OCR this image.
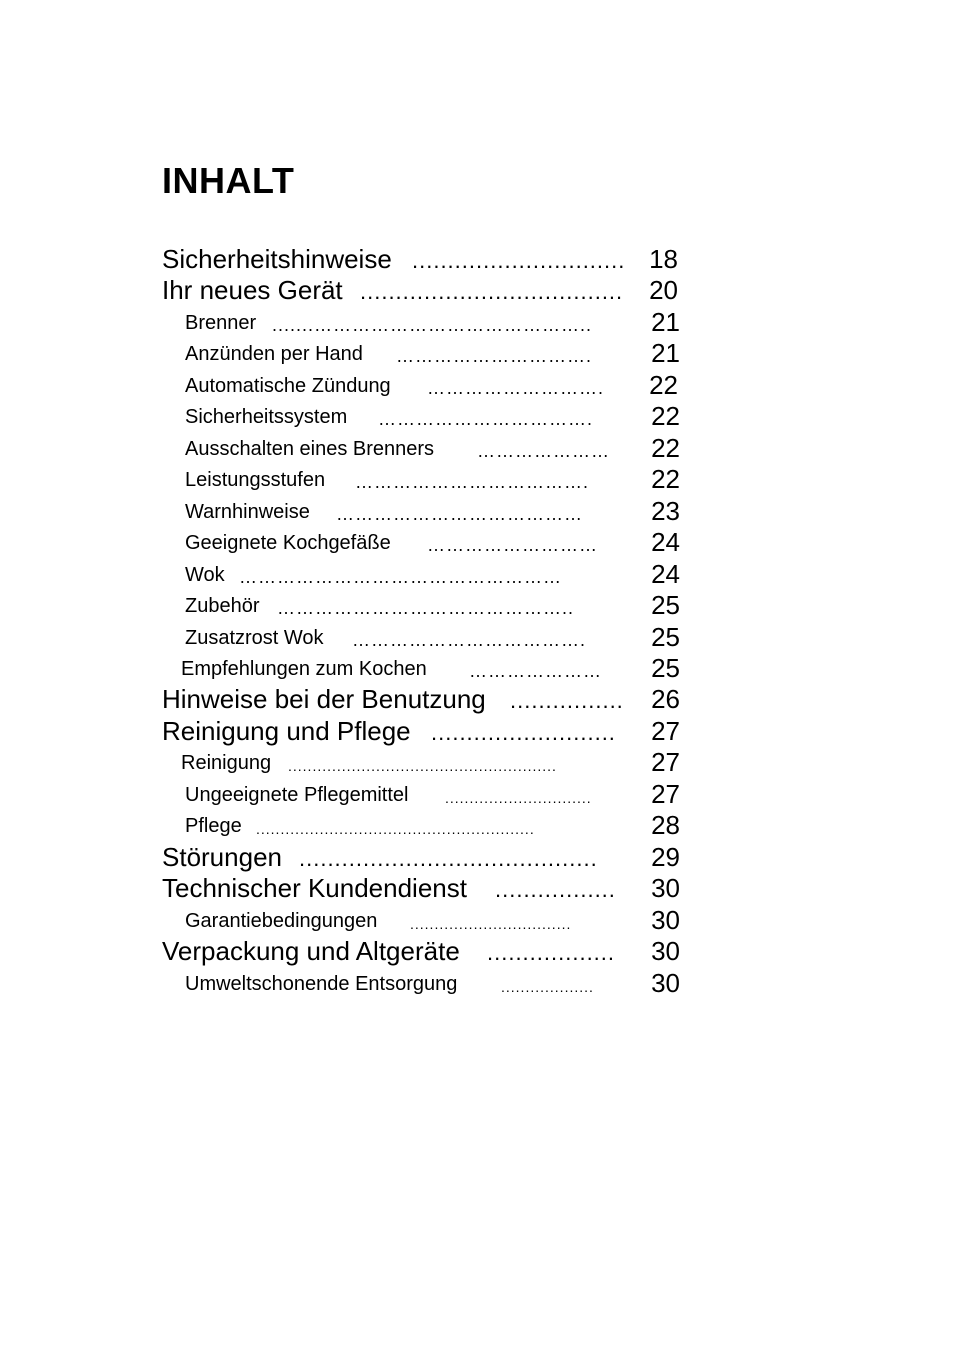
INHALT
Sicherheitshinweise .............................. 18
Ihr neues Gerät ..................................... 20
Brenner .......……………………………………..	21
Anzünden per Hand ………………………….	21
Automatische Zündung ……………………….	22
Sicherheitssystem …………………………….	22
Ausschalten eines Brenners …………………	22
Leistungsstufen ……………………………….	22
Warnhinweise …………………………………	23
Geeignete Kochgefäße ………………………	24
Wok ……………………………………………	24
Zubehör ………………………………………..	25
Zusatzrost Wok ……………………………….	25
Empfehlungen zum Kochen …………………	25
Hinweise bei der Benutzung ................	26
Reinigung und Pflege ..........................	27
Reinigung .......................................................	27
Ungeeignete Pflegemittel	..............................	27
Pflege .........................................................	28
Störungen ..........................................	29
Technischer Kundendienst .................	30
Garantiebedingungen .................................	30
Verpackung und Altgeräte ..................	30
Umweltschonende Entsorgung	...................	30
